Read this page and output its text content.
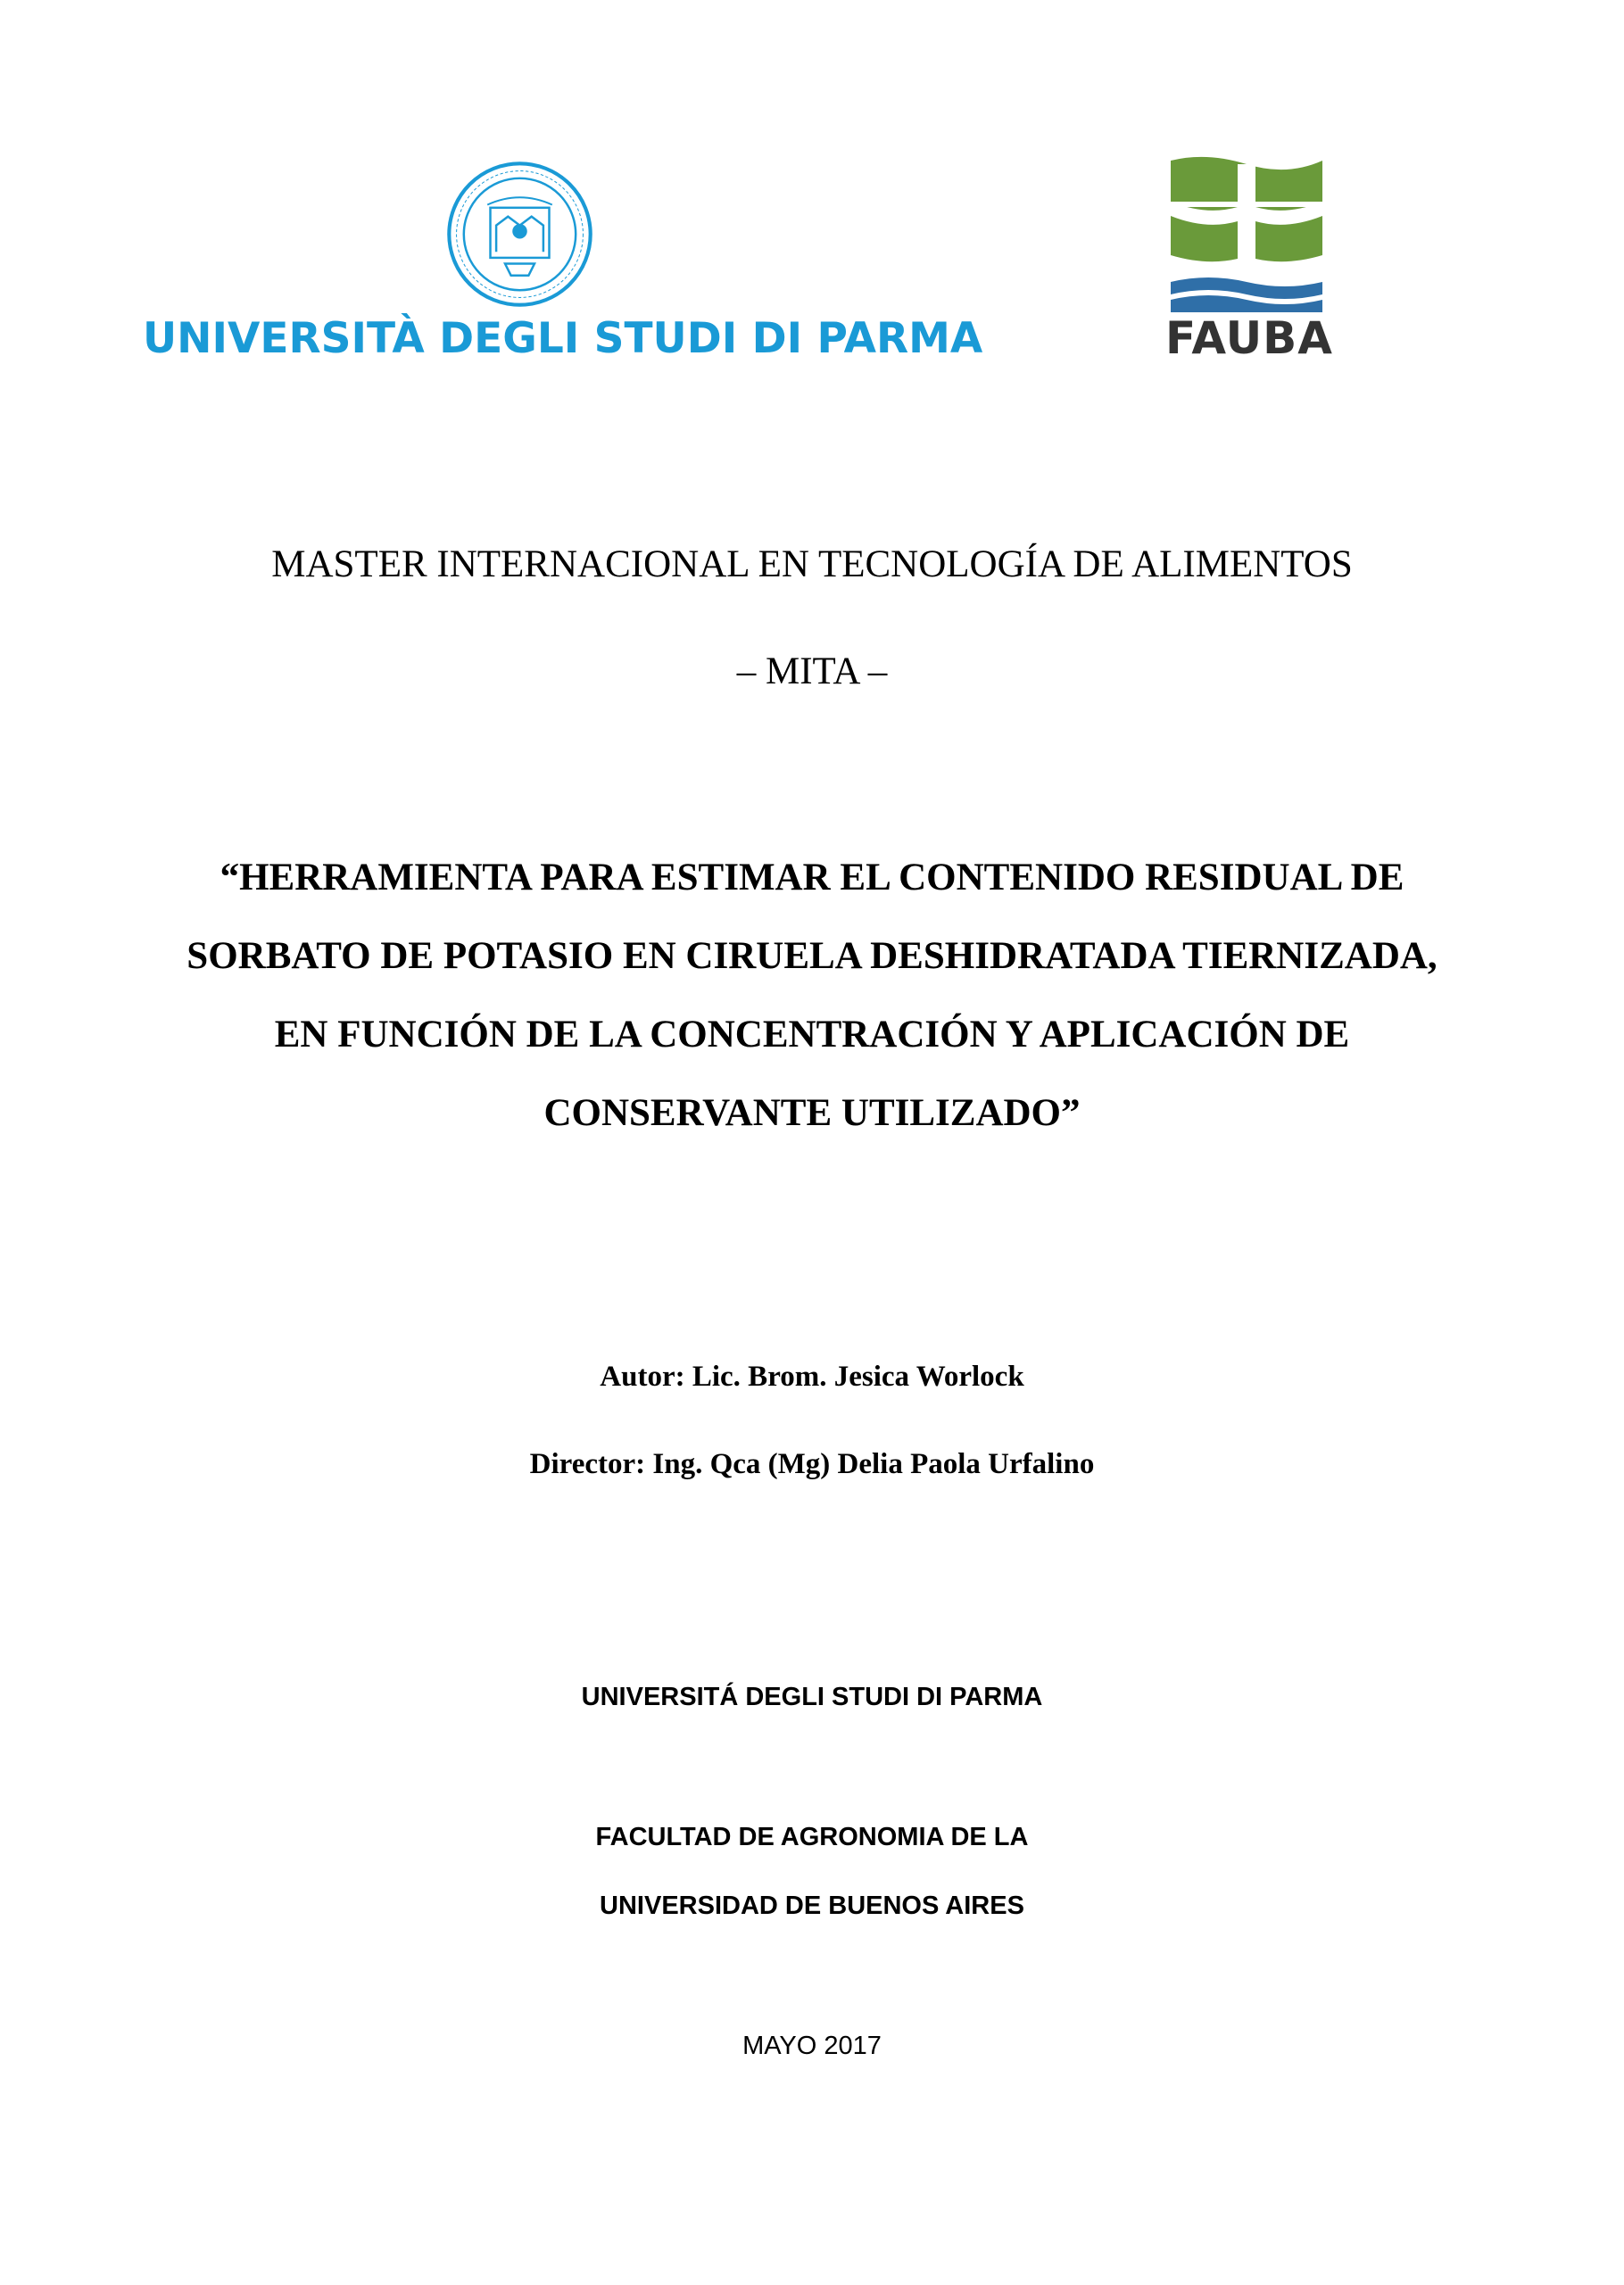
UNIVERSITÀ DEGLI STUDI DI PARMA	FAUBA
MASTER INTERNACIONAL EN TECNOLOGÍA DE ALIMENTOS
– MITA –
“HERRAMIENTA PARA ESTIMAR EL CONTENIDO RESIDUAL DE
SORBATO DE POTASIO EN CIRUELA DESHIDRATADA TIERNIZADA,
EN FUNCIÓN DE LA CONCENTRACIÓN Y APLICACIÓN DE
CONSERVANTE UTILIZADO”
Autor: Lic. Brom. Jesica Worlock
Director: Ing. Qca (Mg) Delia Paola Urfalino
UNIVERSITÁ DEGLI STUDI DI PARMA
FACULTAD DE AGRONOMIA DE LA
UNIVERSIDAD DE BUENOS AIRES
MAYO 2017
